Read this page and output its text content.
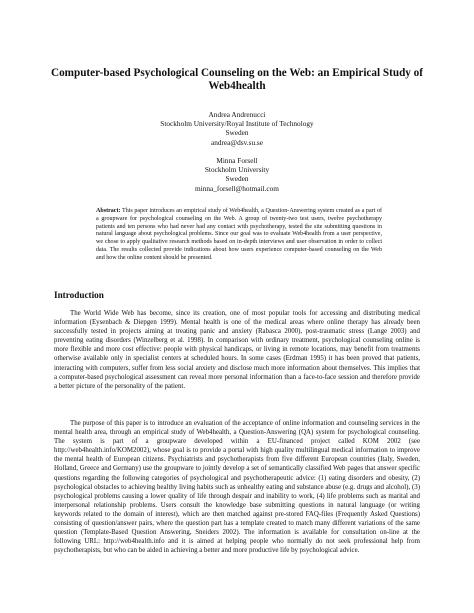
Computer-based Psychological Counseling on the Web: an Empirical Study of Web4health
Andrea Andrenucci
Stockholm University/Royal Institute of Technology
Sweden
andrea@dsv.su.se
Minna Forsell
Stockholm University
Sweden
minna_forsell@hotmail.com

Abstract: This paper introduces an empirical study of Web4health, a Question-Answering system created as a part of a groupware for psychological counseling on the Web. A group of twenty-two test users, twelve psychotherapy patients and ten persons who had never had any contact with psychotherapy, tested the site submitting questions in natural language about psychological problems. Since our goal was to evaluate Web4health from a user perspective, we chose to apply qualitative research methods based on in-depth interviews and user observation in order to collect data. The results collected provide indications about how users experience computer-based counseling on the Web and how the online content should be presented.

Introduction

The World Wide Web has become, since its creation, one of most popular tools for accessing and distributing medical information (Eysenbach & Diepgen 1999). Mental health is one of the medical areas where online therapy has already been successfully tested in projects aiming at treating panic and anxiety (Rabasca 2000), post-traumatic stress (Lange 2003) and preventing eating disorders (Winzelberg et al. 1998). In comparison with ordinary treatment, psychological counseling online is more flexible and more cost effective: people with physical handicaps, or living in remote locations, may benefit from treatments otherwise available only in specialist centers at scheduled hours. In some cases (Erdman 1995) it has been proved that patients, interacting with computers, suffer from less social anxiety and disclose much more information about themselves. This implies that a computer-based psychological assessment can reveal more personal information than a face-to-face session and therefore provide a better picture of the personality of the patient.

The purpose of this paper is to introduce an evaluation of the acceptance of online information and counseling services in the mental health area, through an empirical study of Web4health, a Question-Answering (QA) system for psychological counseling. The system is part of a groupware developed within a EU-financed project called KOM 2002 (see http://web4health.info/KOM2002), whose goal is to provide a portal with high quality multilingual medical information to improve the mental health of European citizens. Psychiatrists and psychotherapists from five different European countries (Italy, Sweden, Holland, Greece and Germany) use the groupware to jointly develop a set of semantically classified Web pages that answer specific questions regarding the following categories of psychological and psychotherapeutic advice: (1) eating disorders and obesity, (2) psychological obstacles to achieving healthy living habits such as unhealthy eating and substance abuse (e.g. drugs and alcohol), (3) psychological problems causing a lower quality of life through despair and inability to work, (4) life problems such as marital and interpersonal relationship problems. Users consult the knowledge base submitting questions in natural language (or writing keywords related to the domain of interest), which are then matched against pre-stored FAQ-files (Frequently Asked Questions) consisting of question/answer pairs, where the question part has a template created to match many different variations of the same question (Template-Based Question Answering, Sneiders 2002). The information is available for consultation on-line at the following URL: http://web4health.info and it is aimed at helping people who normally do not seek professional help from psychotherapists, but who can be aided in achieving a better and more productive life by psychological advice.
